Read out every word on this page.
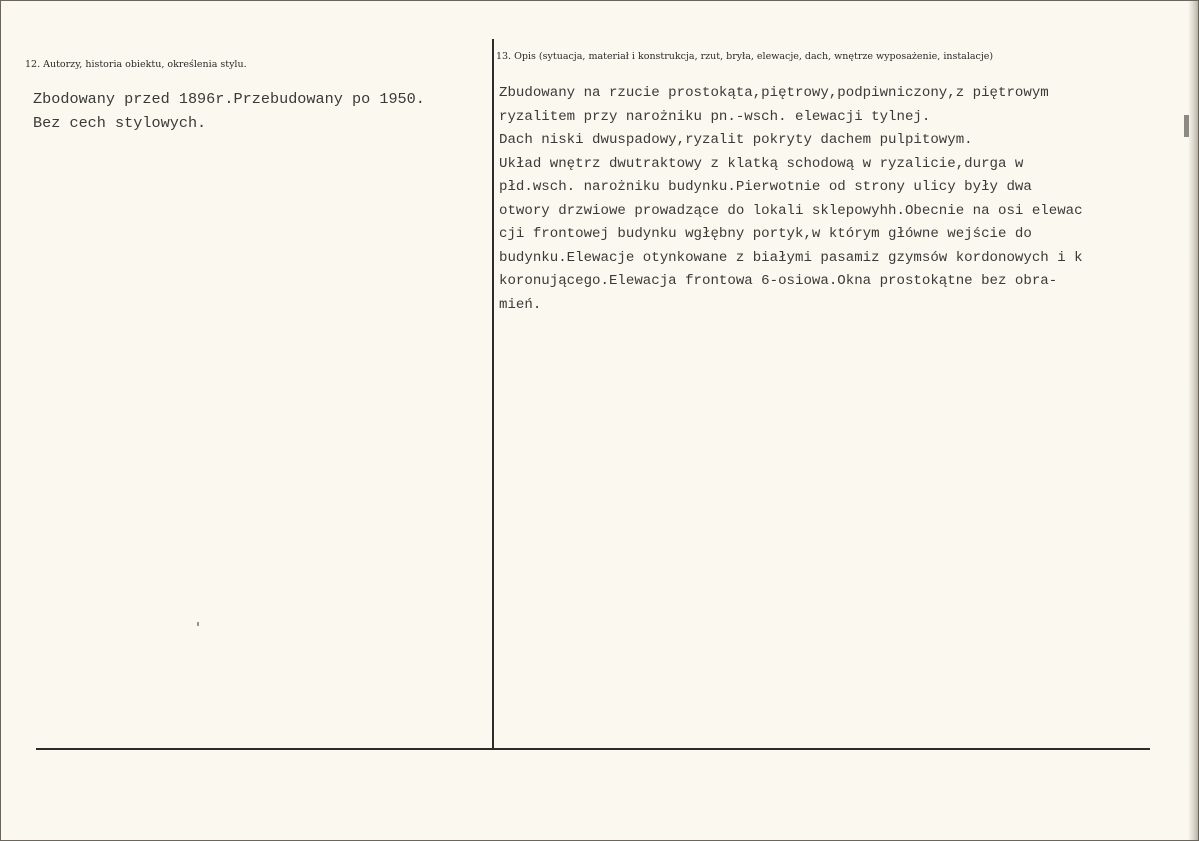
12. Autorzy, historia obiektu, określenia stylu.
Zbodowany przed 1896r.Przebudowany po 1950.
Bez cech stylowych.
13. Opis (sytuacja, materiał i konstrukcja, rzut, bryła, elewacje, dach, wnętrze wyposażenie, instalacje)
Zbudowany na rzucie prostokąta,piętrowy,podpiwniczony,z piętrowym
ryzalitem przy narożniku pn.-wsch. elewacji tylnej.
Dach niski dwuspadowy,ryzalit pokryty dachem pulpitowym.
Układ wnętrz dwutraktowy z klatką schodową w ryzalicie,durga w
płd.wsch. narożniku budynku.Pierwotnie od strony ulicy były dwa
otwory drzwiowe prowadzące do lokali sklepowyhh.Obecnie na osi elewac
cji frontowej budynku wgłębny portyk,w którym główne wejście do
budynku.Elewacje otynkowane z białymi pasamiz gzymsów kordonowych i k
koronującego.Elewacja frontowa 6-osiowa.Okna prostokątne bez obra-
mień.
